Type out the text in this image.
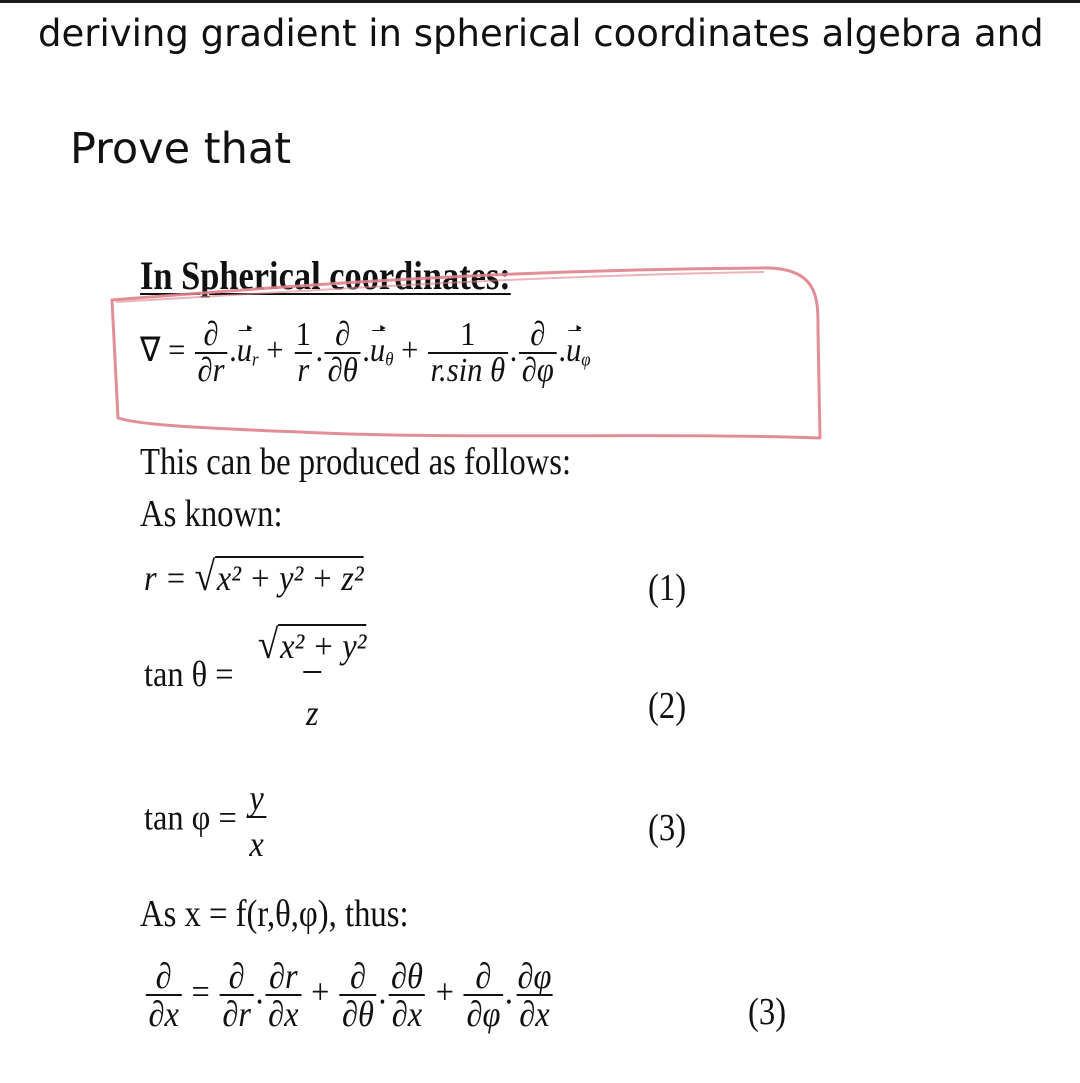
deriving gradient in spherical coordinates algebra and
Prove that
In Spherical coordinates:
∇ = ∂
∂r
$.u_r + \frac{1}{r}$ . ∂
∂θ
$.u_\theta + \frac{1}{\text{r.sin θ}}$ . ∂
∂φ
$.u_\varphi$
This can be produced as follows:
As known:
r = √x² + y² + z²	(1)
$\tan \theta = \frac{\text{√x² + y²}}{z}$	(2)
$\tan \varphi = \frac{y}{x}$	(3)
As x = f(r,θ,φ), thus:
∂
∂x
= ∂
∂r
. $\frac{\partial r}{\partial x}$ + ∂
∂θ
. $\frac{\partial\theta}{\partial x}$ + ∂
∂φ
. $\frac{\partial\varphi}{\partial x}$	(3)
